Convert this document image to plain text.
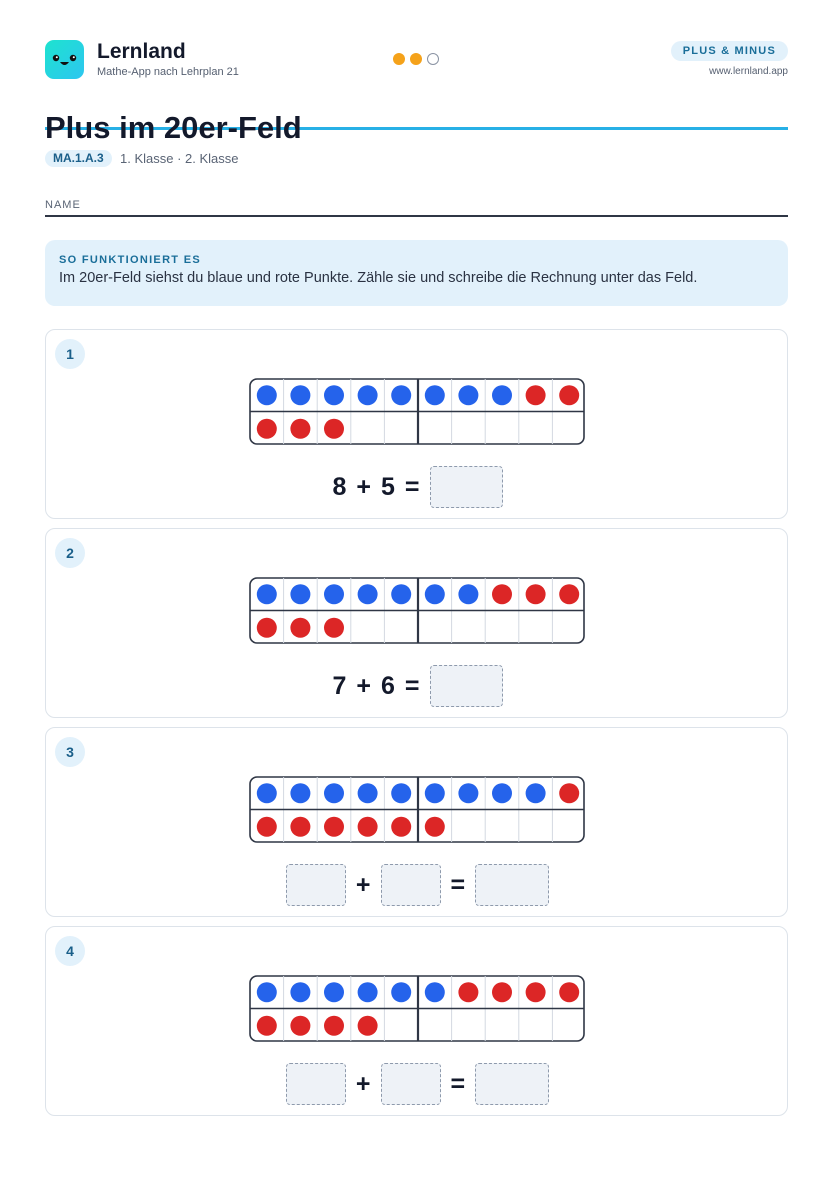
Lernland
Mathe-App nach Lehrplan 21
PLUS & MINUS
www.lernland.app
Plus im 20er-Feld
MA.1.A.3	1. Klasse · 2. Klasse
NAME
SO FUNKTIONIERT ES
Im 20er-Feld siehst du blaue und rote Punkte. Zähle sie und schreibe die Rechnung unter das Feld.
1
8 + 5 =
2
7 + 6 =
3
+	=
4
+	=
